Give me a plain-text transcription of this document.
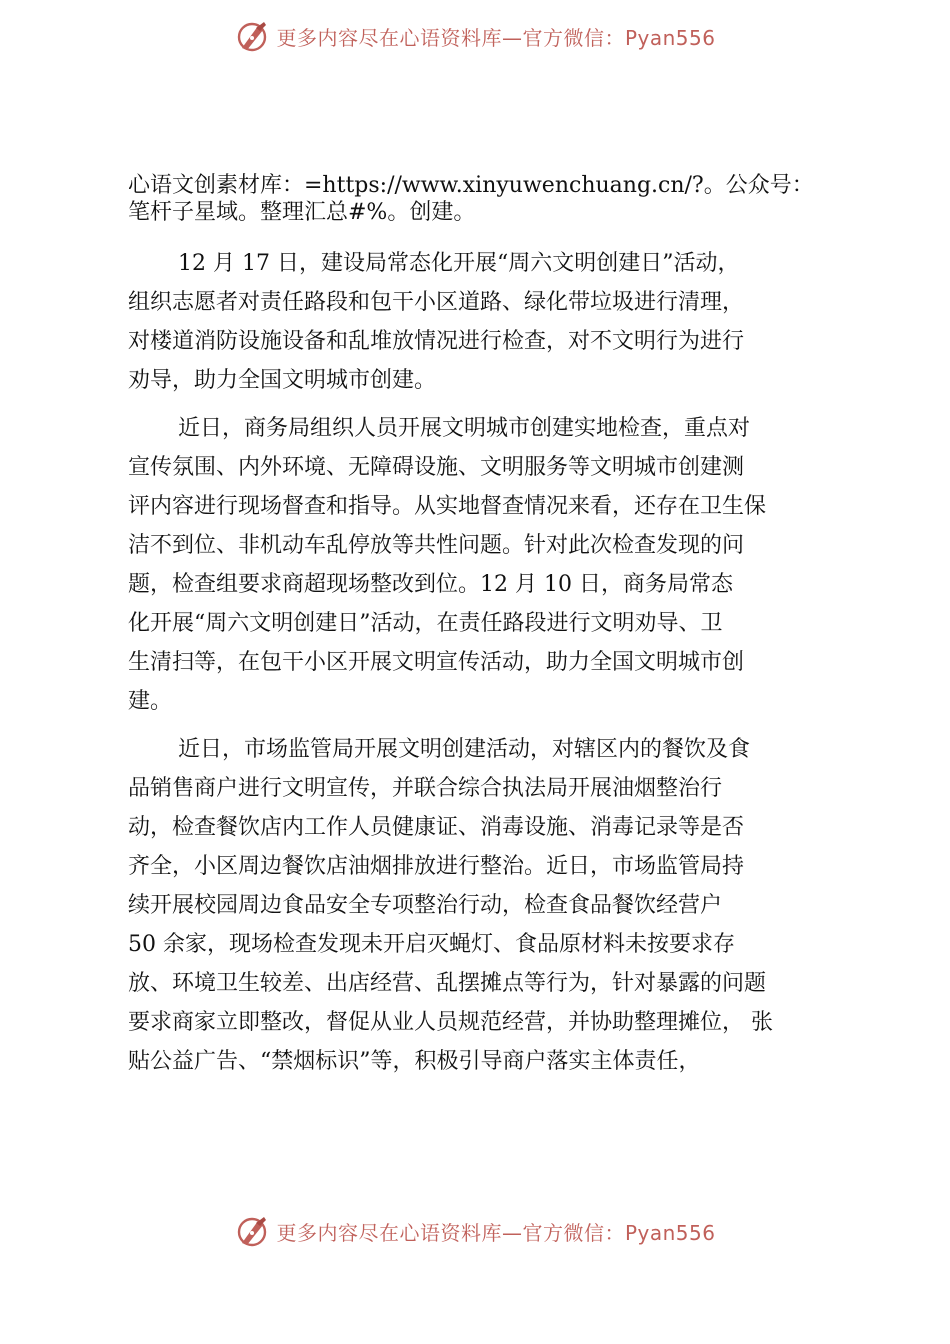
更多内容尽在心语资料库—官方微信：Pyan556

心语文创素材库：=https://www.xinyuwenchuang.cn/?。公众号：
笔杆子星域。整理汇总#%。创建。

12 月 17 日，建设局常态化开展“周六文明创建日”活动，
组织志愿者对责任路段和包干小区道路、绿化带垃圾进行清理，
对楼道消防设施设备和乱堆放情况进行检查，对不文明行为进行
劝导，助力全国文明城市创建。

近日，商务局组织人员开展文明城市创建实地检查，重点对
宣传氛围、内外环境、无障碍设施、文明服务等文明城市创建测
评内容进行现场督查和指导。从实地督查情况来看，还存在卫生保
洁不到位、非机动车乱停放等共性问题。针对此次检查发现的问
题，检查组要求商超现场整改到位。12 月 10 日，商务局常态
化开展“周六文明创建日”活动，在责任路段进行文明劝导、卫
生清扫等，在包干小区开展文明宣传活动，助力全国文明城市创
建。

近日，市场监管局开展文明创建活动，对辖区内的餐饮及食
品销售商户进行文明宣传，并联合综合执法局开展油烟整治行
动，检查餐饮店内工作人员健康证、消毒设施、消毒记录等是否
齐全，小区周边餐饮店油烟排放进行整治。近日，市场监管局持
续开展校园周边食品安全专项整治行动，检查食品餐饮经营户
50 余家，现场检查发现未开启灭蝇灯、食品原材料未按要求存
放、环境卫生较差、出店经营、乱摆摊点等行为，针对暴露的问题
要求商家立即整改，督促从业人员规范经营，并协助整理摊位， 张
贴公益广告、“禁烟标识”等，积极引导商户落实主体责任，

更多内容尽在心语资料库—官方微信：Pyan556
